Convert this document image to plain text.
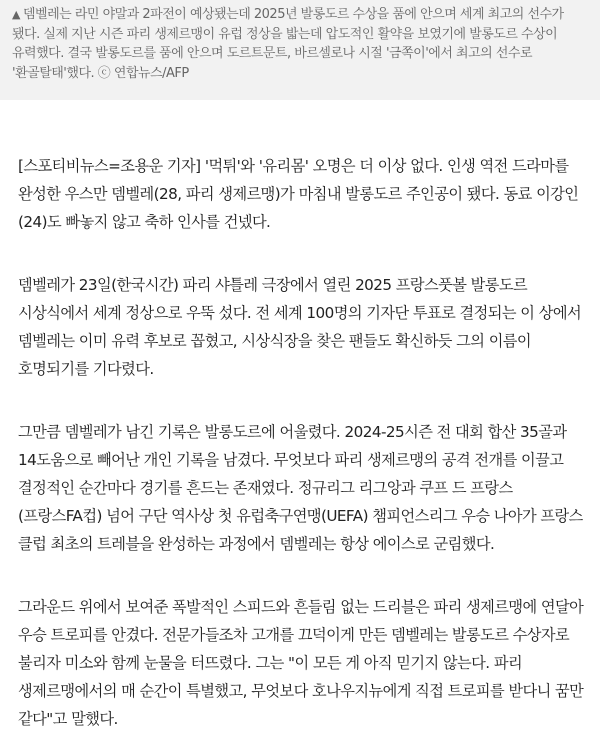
▲ 뎀벨레는 라민 야말과 2파전이 예상됐는데 2025년 발롱도르 수상을 품에 안으며 세계 최고의 선수가 됐다. 실제 지난 시즌 파리 생제르맹이 유럽 정상을 밟는데 압도적인 활약을 보였기에 발롱도르 수상이 유력했다. 결국 발롱도르를 품에 안으며 도르트문트, 바르셀로나 시절 '금쪽이'에서 최고의 선수로 '환골탈태'했다. ⓒ 연합뉴스/AFP

[스포티비뉴스=조용운 기자] '먹튀'와 '유리몸' 오명은 더 이상 없다. 인생 역전 드라마를 완성한 우스만 뎀벨레(28, 파리 생제르맹)가 마침내 발롱도르 주인공이 됐다. 동료 이강인(24)도 빠놓지 않고 축하 인사를 건넸다.

뎀벨레가 23일(한국시간) 파리 샤틀레 극장에서 열린 2025 프랑스풋볼 발롱도르 시상식에서 세계 정상으로 우뚝 섰다. 전 세계 100명의 기자단 투표로 결정되는 이 상에서 뎀벨레는 이미 유력 후보로 꼽혔고, 시상식장을 찾은 팬들도 확신하듯 그의 이름이 호명되기를 기다렸다.

그만큼 뎀벨레가 남긴 기록은 발롱도르에 어울렸다. 2024-25시즌 전 대회 합산 35골과 14도움으로 빼어난 개인 기록을 남겼다. 무엇보다 파리 생제르맹의 공격 전개를 이끌고 결정적인 순간마다 경기를 흔드는 존재였다. 정규리그 리그앙과 쿠프 드 프랑스(프랑스FA컵) 넘어 구단 역사상 첫 유럽축구연맹(UEFA) 챔피언스리그 우승 나아가 프랑스 클럽 최초의 트레블을 완성하는 과정에서 뎀벨레는 항상 에이스로 군림했다.

그라운드 위에서 보여준 폭발적인 스피드와 흔들림 없는 드리블은 파리 생제르맹에 연달아 우승 트로피를 안겼다. 전문가들조차 고개를 끄덕이게 만든 뎀벨레는 발롱도르 수상자로 불리자 미소와 함께 눈물을 터뜨렸다. 그는 "이 모든 게 아직 믿기지 않는다. 파리 생제르맹에서의 매 순간이 특별했고, 무엇보다 호나우지뉴에게 직접 트로피를 받다니 꿈만 같다"고 말했다.
